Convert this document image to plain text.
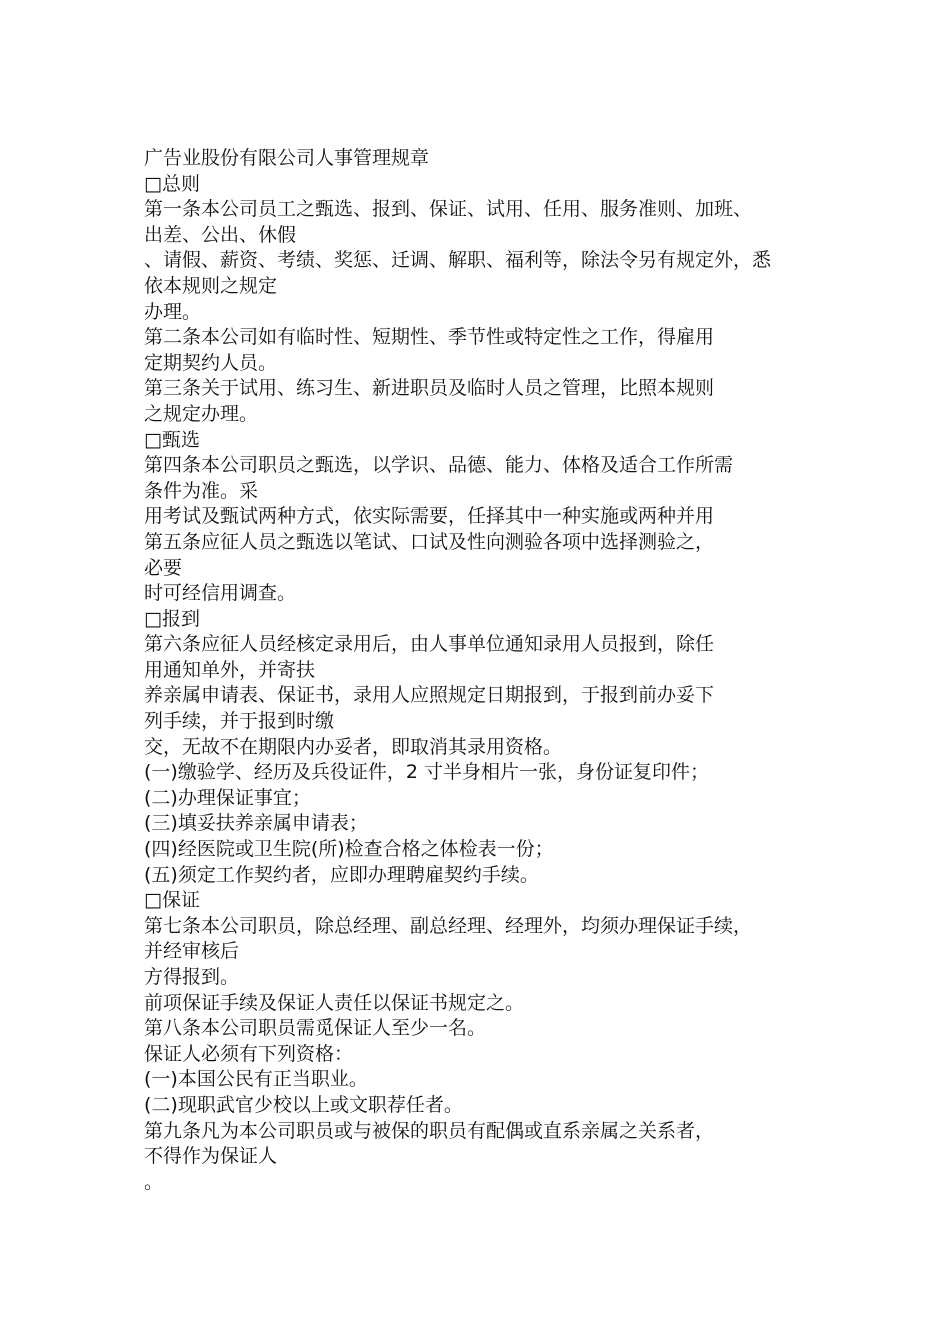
广告业股份有限公司人事管理规章
□总则
第一条本公司员工之甄选、报到、保证、试用、任用、服务准则、加班、
出差、公出、休假
、请假、薪资、考绩、奖惩、迁调、解职、福利等，除法令另有规定外，悉
依本规则之规定
办理。
第二条本公司如有临时性、短期性、季节性或特定性之工作，得雇用
定期契约人员。
第三条关于试用、练习生、新进职员及临时人员之管理，比照本规则
之规定办理。
□甄选
第四条本公司职员之甄选，以学识、品德、能力、体格及适合工作所需
条件为准。采
用考试及甄试两种方式，依实际需要，任择其中一种实施或两种并用
第五条应征人员之甄选以笔试、口试及性向测验各项中选择测验之，
必要
时可经信用调查。
□报到
第六条应征人员经核定录用后，由人事单位通知录用人员报到，除任
用通知单外，并寄扶
养亲属申请表、保证书，录用人应照规定日期报到，于报到前办妥下
列手续，并于报到时缴
交，无故不在期限内办妥者，即取消其录用资格。
(一)缴验学、经历及兵役证件，2 寸半身相片一张，身份证复印件；
(二)办理保证事宜；
(三)填妥扶养亲属申请表；
(四)经医院或卫生院(所)检查合格之体检表一份；
(五)须定工作契约者，应即办理聘雇契约手续。
□保证
第七条本公司职员，除总经理、副总经理、经理外，均须办理保证手续，
并经审核后
方得报到。
前项保证手续及保证人责任以保证书规定之。
第八条本公司职员需觅保证人至少一名。
保证人必须有下列资格：
(一)本国公民有正当职业。
(二)现职武官少校以上或文职荐任者。
第九条凡为本公司职员或与被保的职员有配偶或直系亲属之关系者，
不得作为保证人
。
